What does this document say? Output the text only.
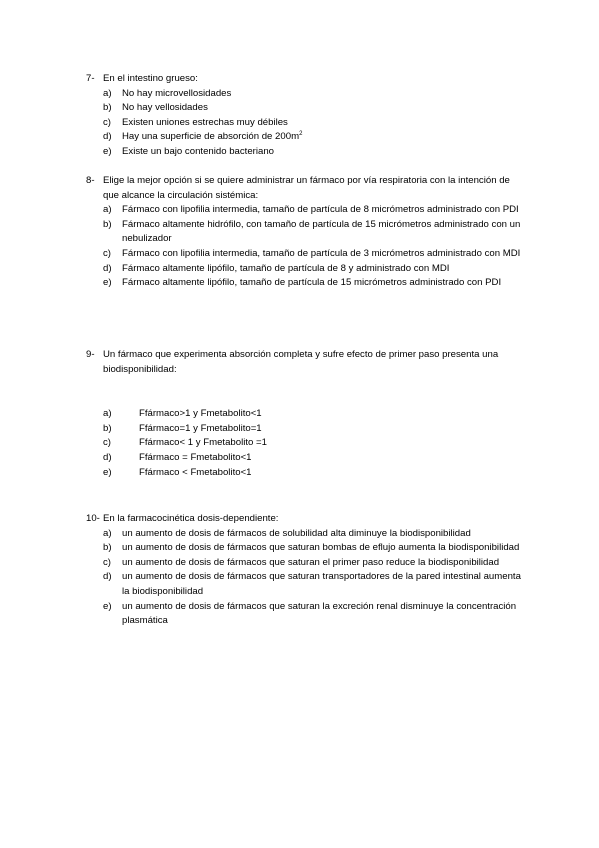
7- En el intestino grueso:
a)	No hay microvellosidades
b)	No hay vellosidades
c)	Existen uniones estrechas muy débiles
d)	Hay una superficie de absorción de $200m^2$
e)	Existe un bajo contenido bacteriano
8- Elige la mejor opción si se quiere administrar un fármaco por vía respiratoria con la intención de que alcance la circulación sistémica:
a)	Fármaco con lipofilia intermedia, tamaño de partícula de 8 micrómetros administrado con PDI
b)	Fármaco altamente hidrófilo, con tamaño de partícula de 15 micrómetros administrado con un nebulizador
c)	Fármaco con lipofilia intermedia, tamaño de partícula de 3 micrómetros administrado con MDI
d)	Fármaco altamente lipófilo, tamaño de partícula de 8 y administrado con MDI
e)	Fármaco altamente lipófilo, tamaño de partícula de 15 micrómetros administrado con PDI
9- Un fármaco que experimenta absorción completa y sufre efecto de primer paso presenta una biodisponibilidad:
a)	Ffármaco>1 y Fmetabolito<1
b)	Ffármaco=1 y Fmetabolito=1
c)	Ffármaco< 1 y Fmetabolito =1
d)	Ffármaco = Fmetabolito<1
e)	Ffármaco < Fmetabolito<1
10- En la farmacocinética dosis-dependiente:
a)	un aumento de dosis de fármacos de solubilidad alta diminuye la biodisponibilidad
b)	un aumento de dosis de fármacos que saturan bombas de eflujo aumenta la biodisponibilidad
c)	un aumento de dosis de fármacos que saturan el primer paso reduce la biodisponibilidad
d)	un aumento de dosis de fármacos que saturan transportadores de la pared intestinal aumenta la biodisponibilidad
e)	un aumento de dosis de fármacos que saturan la excreción renal disminuye la concentración plasmática
